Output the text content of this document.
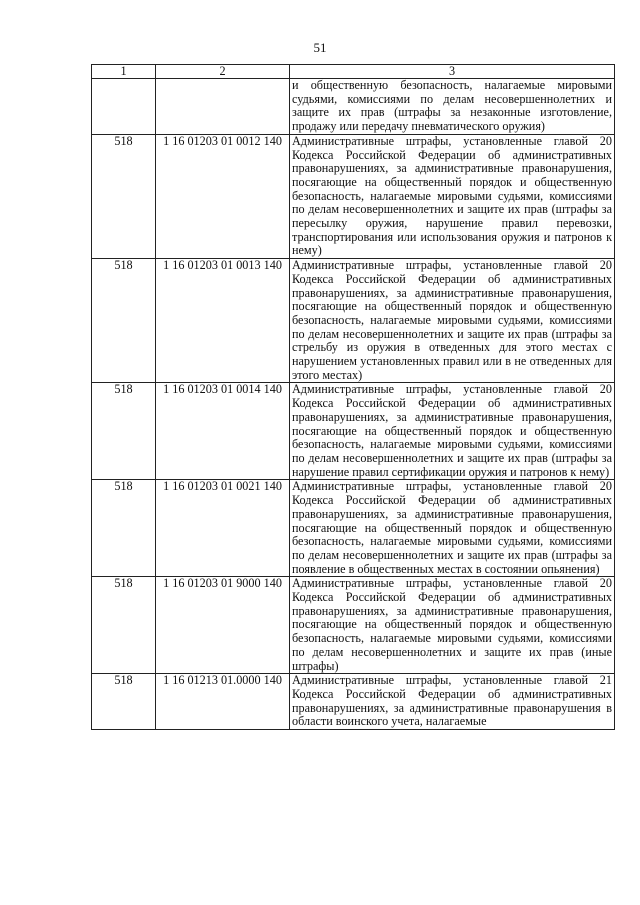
51
1	2	3
		и общественную безопасность, налагаемые мировыми судьями, комиссиями по делам несовершеннолетних и защите их прав (штрафы за незаконные изготовление, продажу или передачу пневматического оружия)
518	1 16 01203 01 0012 140	Административные штрафы, установленные главой 20 Кодекса Российской Федерации об административных правонарушениях, за административные правонарушения, посягающие на общественный порядок и общественную безопасность, налагаемые мировыми судьями, комиссиями по делам несовершеннолетних и защите их прав (штрафы за пересылку оружия, нарушение правил перевозки, транспортирования или использования оружия и патронов к нему)
518	1 16 01203 01 0013 140	Административные штрафы, установленные главой 20 Кодекса Российской Федерации об административных правонарушениях, за административные правонарушения, посягающие на общественный порядок и общественную безопасность, налагаемые мировыми судьями, комиссиями по делам несовершеннолетних и защите их прав (штрафы за стрельбу из оружия в отведенных для этого местах с нарушением установленных правил или в не отведенных для этого местах)
518	1 16 01203 01 0014 140	Административные штрафы, установленные главой 20 Кодекса Российской Федерации об административных правонарушениях, за административные правонарушения, посягающие на общественный порядок и общественную безопасность, налагаемые мировыми судьями, комиссиями по делам несовершеннолетних и защите их прав (штрафы за нарушение правил сертификации оружия и патронов к нему)
518	1 16 01203 01 0021 140	Административные штрафы, установленные главой 20 Кодекса Российской Федерации об административных правонарушениях, за административные правонарушения, посягающие на общественный порядок и общественную безопасность, налагаемые мировыми судьями, комиссиями по делам несовершеннолетних и защите их прав (штрафы за появление в общественных местах в состоянии опьянения)
518	1 16 01203 01 9000 140	Административные штрафы, установленные главой 20 Кодекса Российской Федерации об административных правонарушениях, за административные правонарушения, посягающие на общественный порядок и общественную безопасность, налагаемые мировыми судьями, комиссиями по делам несовершеннолетних и защите их прав (иные штрафы)
518	1 16 01213 01.0000 140	Административные штрафы, установленные главой 21 Кодекса Российской Федерации об административных правонарушениях, за административные правонарушения в области воинского учета, налагаемые
